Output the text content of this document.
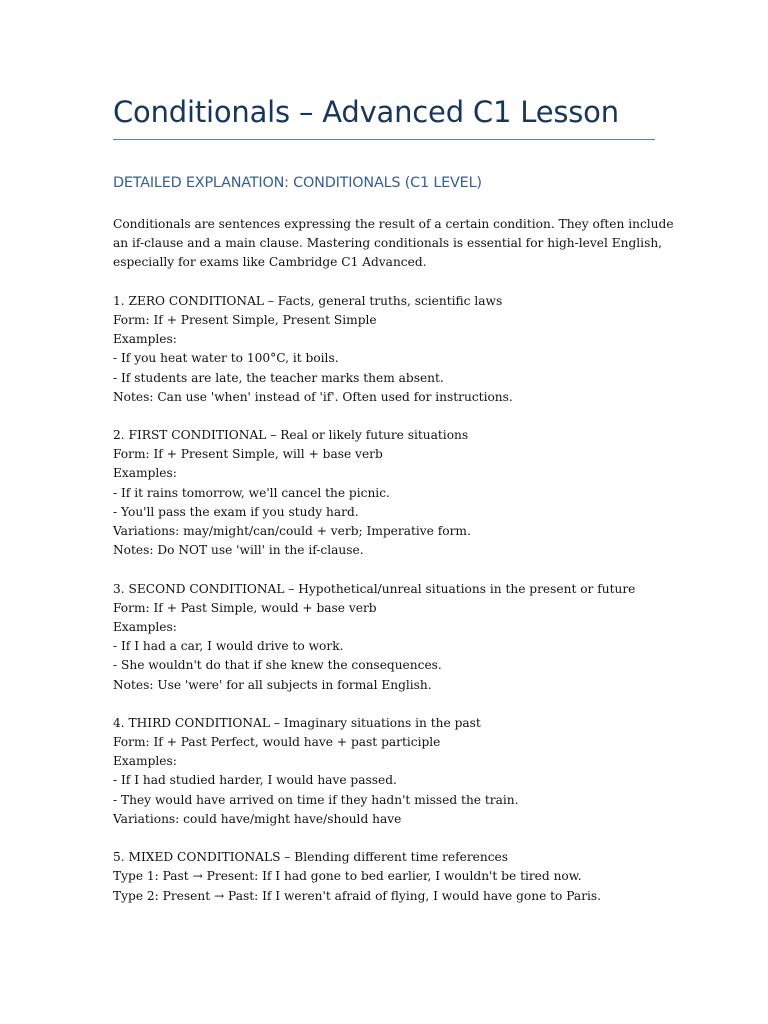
Conditionals – Advanced C1 Lesson
DETAILED EXPLANATION: CONDITIONALS (C1 LEVEL)
Conditionals are sentences expressing the result of a certain condition. They often include
an if-clause and a main clause. Mastering conditionals is essential for high-level English,
especially for exams like Cambridge C1 Advanced.
1. ZERO CONDITIONAL – Facts, general truths, scientific laws
Form: If + Present Simple, Present Simple
Examples:
- If you heat water to 100°C, it boils.
- If students are late, the teacher marks them absent.
Notes: Can use 'when' instead of 'if'. Often used for instructions.
2. FIRST CONDITIONAL – Real or likely future situations
Form: If + Present Simple, will + base verb
Examples:
- If it rains tomorrow, we'll cancel the picnic.
- You'll pass the exam if you study hard.
Variations: may/might/can/could + verb; Imperative form.
Notes: Do NOT use 'will' in the if-clause.
3. SECOND CONDITIONAL – Hypothetical/unreal situations in the present or future
Form: If + Past Simple, would + base verb
Examples:
- If I had a car, I would drive to work.
- She wouldn't do that if she knew the consequences.
Notes: Use 'were' for all subjects in formal English.
4. THIRD CONDITIONAL – Imaginary situations in the past
Form: If + Past Perfect, would have + past participle
Examples:
- If I had studied harder, I would have passed.
- They would have arrived on time if they hadn't missed the train.
Variations: could have/might have/should have
5. MIXED CONDITIONALS – Blending different time references
Type 1: Past → Present: If I had gone to bed earlier, I wouldn't be tired now.
Type 2: Present → Past: If I weren't afraid of flying, I would have gone to Paris.
